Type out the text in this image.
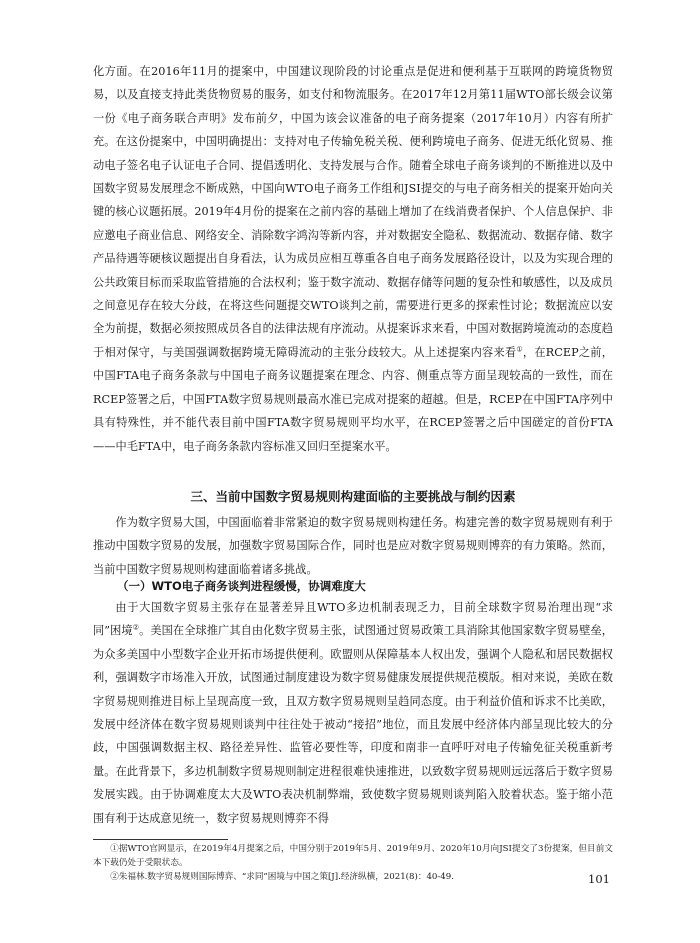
化方面。在2016年11月的提案中，中国建议现阶段的讨论重点是促进和便利基于互联网的跨境货物贸易，以及直接支持此类货物贸易的服务，如支付和物流服务。在2017年12月第11届WTO部长级会议第一份《电子商务联合声明》发布前夕，中国为该会议准备的电子商务提案（2017年10月）内容有所扩充。在这份提案中，中国明确提出：支持对电子传输免税关税、便利跨境电子商务、促进无纸化贸易、推动电子签名电子认证电子合同、提倡透明化、支持发展与合作。随着全球电子商务谈判的不断推进以及中国数字贸易发展理念不断成熟，中国向WTO电子商务工作组和JSI提交的与电子商务相关的提案开始向关键的核心议题拓展。2019年4月份的提案在之前内容的基础上增加了在线消费者保护、个人信息保护、非应邀电子商业信息、网络安全、消除数字鸿沟等新内容，并对数据安全隐私、数据流动、数据存储、数字产品待遇等硬核议题提出自身看法，认为成员应相互尊重各自电子商务发展路径设计，以及为实现合理的公共政策目标而采取监管措施的合法权利；鉴于数字流动、数据存储等问题的复杂性和敏感性，以及成员之间意见存在较大分歧，在将这些问题提交WTO谈判之前，需要进行更多的探索性讨论；数据流应以安全为前提，数据必须按照成员各自的法律法规有序流动。从提案诉求来看，中国对数据跨境流动的态度趋于相对保守，与美国强调数据跨境无障碍流动的主张分歧较大。从上述提案内容来看①，在RCEP之前，中国FTA电子商务条款与中国电子商务议题提案在理念、内容、侧重点等方面呈现较高的一致性，而在RCEP签署之后，中国FTA数字贸易规则最高水准已完成对提案的超越。但是，RCEP在中国FTA序列中具有特殊性，并不能代表目前中国FTA数字贸易规则平均水平，在RCEP签署之后中国磋定的首份FTA——中毛FTA中，电子商务条款内容标准又回归至提案水平。

三、当前中国数字贸易规则构建面临的主要挑战与制约因素

作为数字贸易大国，中国面临着非常紧迫的数字贸易规则构建任务。构建完善的数字贸易规则有利于推动中国数字贸易的发展，加强数字贸易国际合作，同时也是应对数字贸易规则博弈的有力策略。然而，当前中国数字贸易规则构建面临着诸多挑战。

（一）WTO电子商务谈判进程缓慢，协调难度大

由于大国数字贸易主张存在显著差异且WTO多边机制表现乏力，目前全球数字贸易治理出现“求同”困境②。美国在全球推广其自由化数字贸易主张，试图通过贸易政策工具消除其他国家数字贸易壁垒，为众多美国中小型数字企业开拓市场提供便利。欧盟则从保障基本人权出发，强调个人隐私和居民数据权利，强调数字市场准入开放，试图通过制度建设为数字贸易健康发展提供规范模版。相对来说，美欧在数字贸易规则推进目标上呈现高度一致，且双方数字贸易规则呈趋同态度。由于利益价值和诉求不比美欧，发展中经济体在数字贸易规则谈判中往往处于被动“接招”地位，而且发展中经济体内部呈现比较大的分歧，中国强调数据主权、路径差异性、监管必要性等，印度和南非一直呼吁对电子传输免征关税重新考量。在此背景下，多边机制数字贸易规则制定进程很难快速推进，以致数字贸易规则远远落后于数字贸易发展实践。由于协调难度太大及WTO表决机制弊端，致使数字贸易规则谈判陷入胶着状态。鉴于缩小范围有利于达成意见统一，数字贸易规则博弈不得

①据WTO官网显示，在2019年4月提案之后，中国分别于2019年5月、2019年9月、2020年10月向JSI提交了3份提案，但目前文本下载仍处于受限状态。

②朱福林.数字贸易规则国际博弈、“求同”困境与中国之策[J].经济纵横，2021(8)：40-49.	101
